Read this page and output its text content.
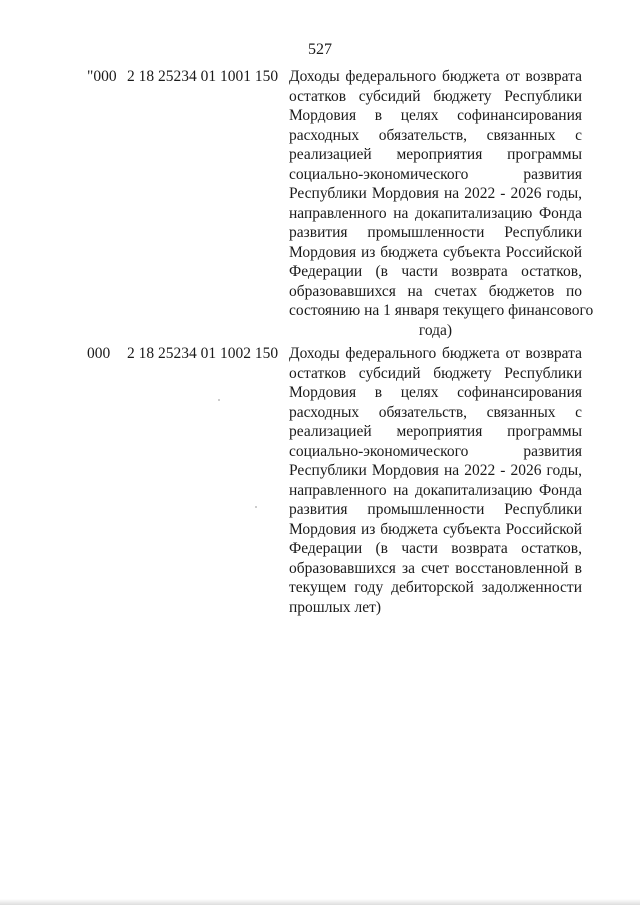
527
"000 2 18 25234 01 1001 150 Доходы федерального бюджета от возврата
остатков субсидий бюджету Республики
Мордовия в целях софинансирования
расходных обязательств, связанных с
реализацией мероприятия программы
социально-экономического развития
Республики Мордовия на 2022 - 2026 годы,
направленного на докапитализацию Фонда
развития промышленности Республики
Мордовия из бюджета субъекта Российской
Федерации (в части возврата остатков,
образовавшихся на счетах бюджетов по
состоянию на 1 января текущего финансового
года)
000 2 18 25234 01 1002 150 Доходы федерального бюджета от возврата
остатков субсидий бюджету Республики
Мордовия в целях софинансирования
расходных обязательств, связанных с
реализацией мероприятия программы
социально-экономического развития
Республики Мордовия на 2022 - 2026 годы,
направленного на докапитализацию Фонда
развития промышленности Республики
Мордовия из бюджета субъекта Российской
Федерации (в части возврата остатков,
образовавшихся за счет восстановленной в
текущем году дебиторской задолженности
прошлых лет)
